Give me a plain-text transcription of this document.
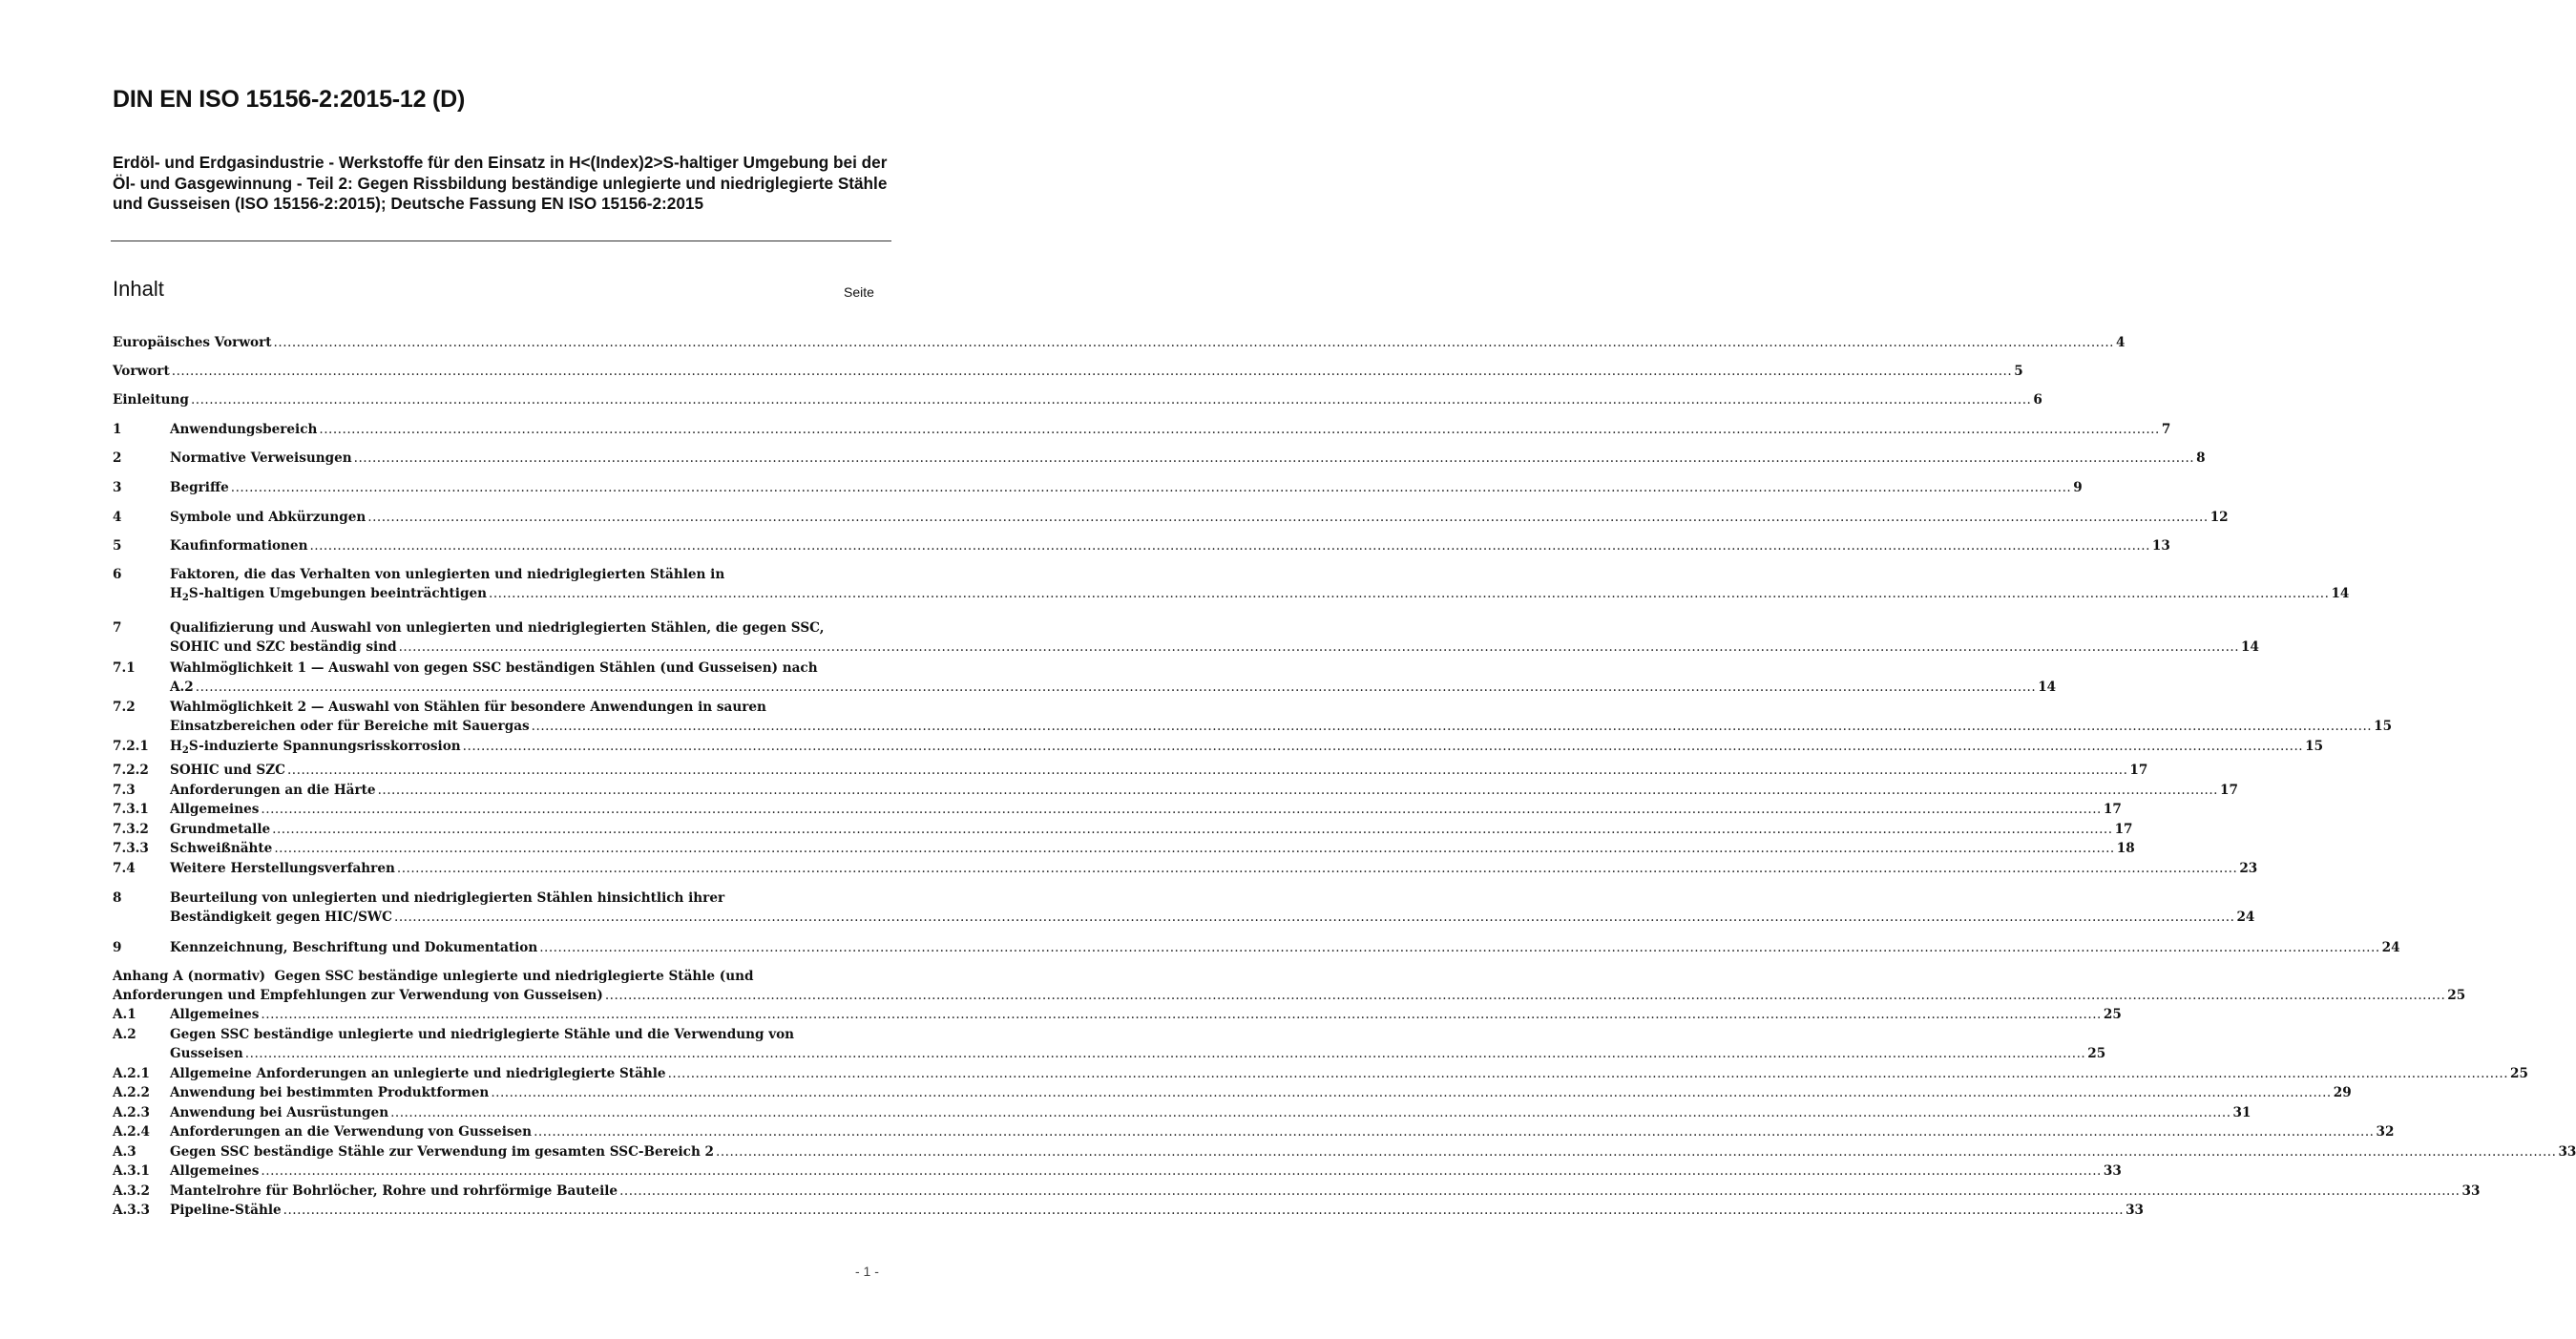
DIN EN ISO 15156-2:2015-12 (D)

Erdöl- und Erdgasindustrie - Werkstoffe für den Einsatz in H<(Index)2>S-haltiger Umgebung bei der Öl- und Gasgewinnung - Teil 2: Gegen Rissbildung beständige unlegierte und niedriglegierte Stähle und Gusseisen (ISO 15156-2:2015); Deutsche Fassung EN ISO 15156-2:2015

Inhalt	Seite
Europäisches Vorwort ................................................................................................................................................................................................................................................................................................................................................................................................................ 4
Vorwort ................................................................................................................................................................................................................................................................................................................................................................................................................ 5
Einleitung ................................................................................................................................................................................................................................................................................................................................................................................................................ 6
1	Anwendungsbereich ................................................................................................................................................................................................................................................................................................................................................................................................................ 7
2	Normative Verweisungen ................................................................................................................................................................................................................................................................................................................................................................................................................ 8
3	Begriffe ................................................................................................................................................................................................................................................................................................................................................................................................................ 9
4	Symbole und Abkürzungen ................................................................................................................................................................................................................................................................................................................................................................................................................ 12
5	Kaufinformationen ................................................................................................................................................................................................................................................................................................................................................................................................................ 13
6	Faktoren, die das Verhalten von unlegierten und niedriglegierten Stählen in
$H_2S$-haltigen Umgebungen beeinträchtigen ................................................................................................................................................................................................................................................................................................................................................................................................................ 14
7	Qualifizierung und Auswahl von unlegierten und niedriglegierten Stählen, die gegen SSC,
SOHIC und SZC beständig sind ................................................................................................................................................................................................................................................................................................................................................................................................................ 14
7.1	Wahlmöglichkeit 1 — Auswahl von gegen SSC beständigen Stählen (und Gusseisen) nach
A.2 ................................................................................................................................................................................................................................................................................................................................................................................................................ 14
7.2	Wahlmöglichkeit 2 — Auswahl von Stählen für besondere Anwendungen in sauren
Einsatzbereichen oder für Bereiche mit Sauergas ................................................................................................................................................................................................................................................................................................................................................................................................................ 15
7.2.1 $H_2S$-induzierte Spannungsrisskorrosion ................................................................................................................................................................................................................................................................................................................................................................................................................ 15
7.2.2 SOHIC und SZC ................................................................................................................................................................................................................................................................................................................................................................................................................ 17
7.3	Anforderungen an die Härte ................................................................................................................................................................................................................................................................................................................................................................................................................ 17
7.3.1 Allgemeines ................................................................................................................................................................................................................................................................................................................................................................................................................ 17
7.3.2 Grundmetalle ................................................................................................................................................................................................................................................................................................................................................................................................................ 17
7.3.3 Schweißnähte ................................................................................................................................................................................................................................................................................................................................................................................................................ 18
7.4	Weitere Herstellungsverfahren ................................................................................................................................................................................................................................................................................................................................................................................................................ 23
8	Beurteilung von unlegierten und niedriglegierten Stählen hinsichtlich ihrer
Beständigkeit gegen HIC/SWC ................................................................................................................................................................................................................................................................................................................................................................................................................ 24
9	Kennzeichnung, Beschriftung und Dokumentation ................................................................................................................................................................................................................................................................................................................................................................................................................ 24
Anhang A (normativ) Gegen SSC beständige unlegierte und niedriglegierte Stähle (und
Anforderungen und Empfehlungen zur Verwendung von Gusseisen) ................................................................................................................................................................................................................................................................................................................................................................................................................ 25
A.1	Allgemeines ................................................................................................................................................................................................................................................................................................................................................................................................................ 25
A.2	Gegen SSC beständige unlegierte und niedriglegierte Stähle und die Verwendung von
Gusseisen ................................................................................................................................................................................................................................................................................................................................................................................................................ 25
A.2.1 Allgemeine Anforderungen an unlegierte und niedriglegierte Stähle ................................................................................................................................................................................................................................................................................................................................................................................................................ 25
A.2.2 Anwendung bei bestimmten Produktformen ................................................................................................................................................................................................................................................................................................................................................................................................................ 29
A.2.3 Anwendung bei Ausrüstungen ................................................................................................................................................................................................................................................................................................................................................................................................................ 31
A.2.4 Anforderungen an die Verwendung von Gusseisen ................................................................................................................................................................................................................................................................................................................................................................................................................ 32
A.3	Gegen SSC beständige Stähle zur Verwendung im gesamten SSC-Bereich 2 ................................................................................................................................................................................................................................................................................................................................................................................................................ 33
A.3.1 Allgemeines ................................................................................................................................................................................................................................................................................................................................................................................................................ 33
A.3.2 Mantelrohre für Bohrlöcher, Rohre und rohrförmige Bauteile ................................................................................................................................................................................................................................................................................................................................................................................................................ 33
A.3.3 Pipeline-Stähle ................................................................................................................................................................................................................................................................................................................................................................................................................ 33
- 1 -
